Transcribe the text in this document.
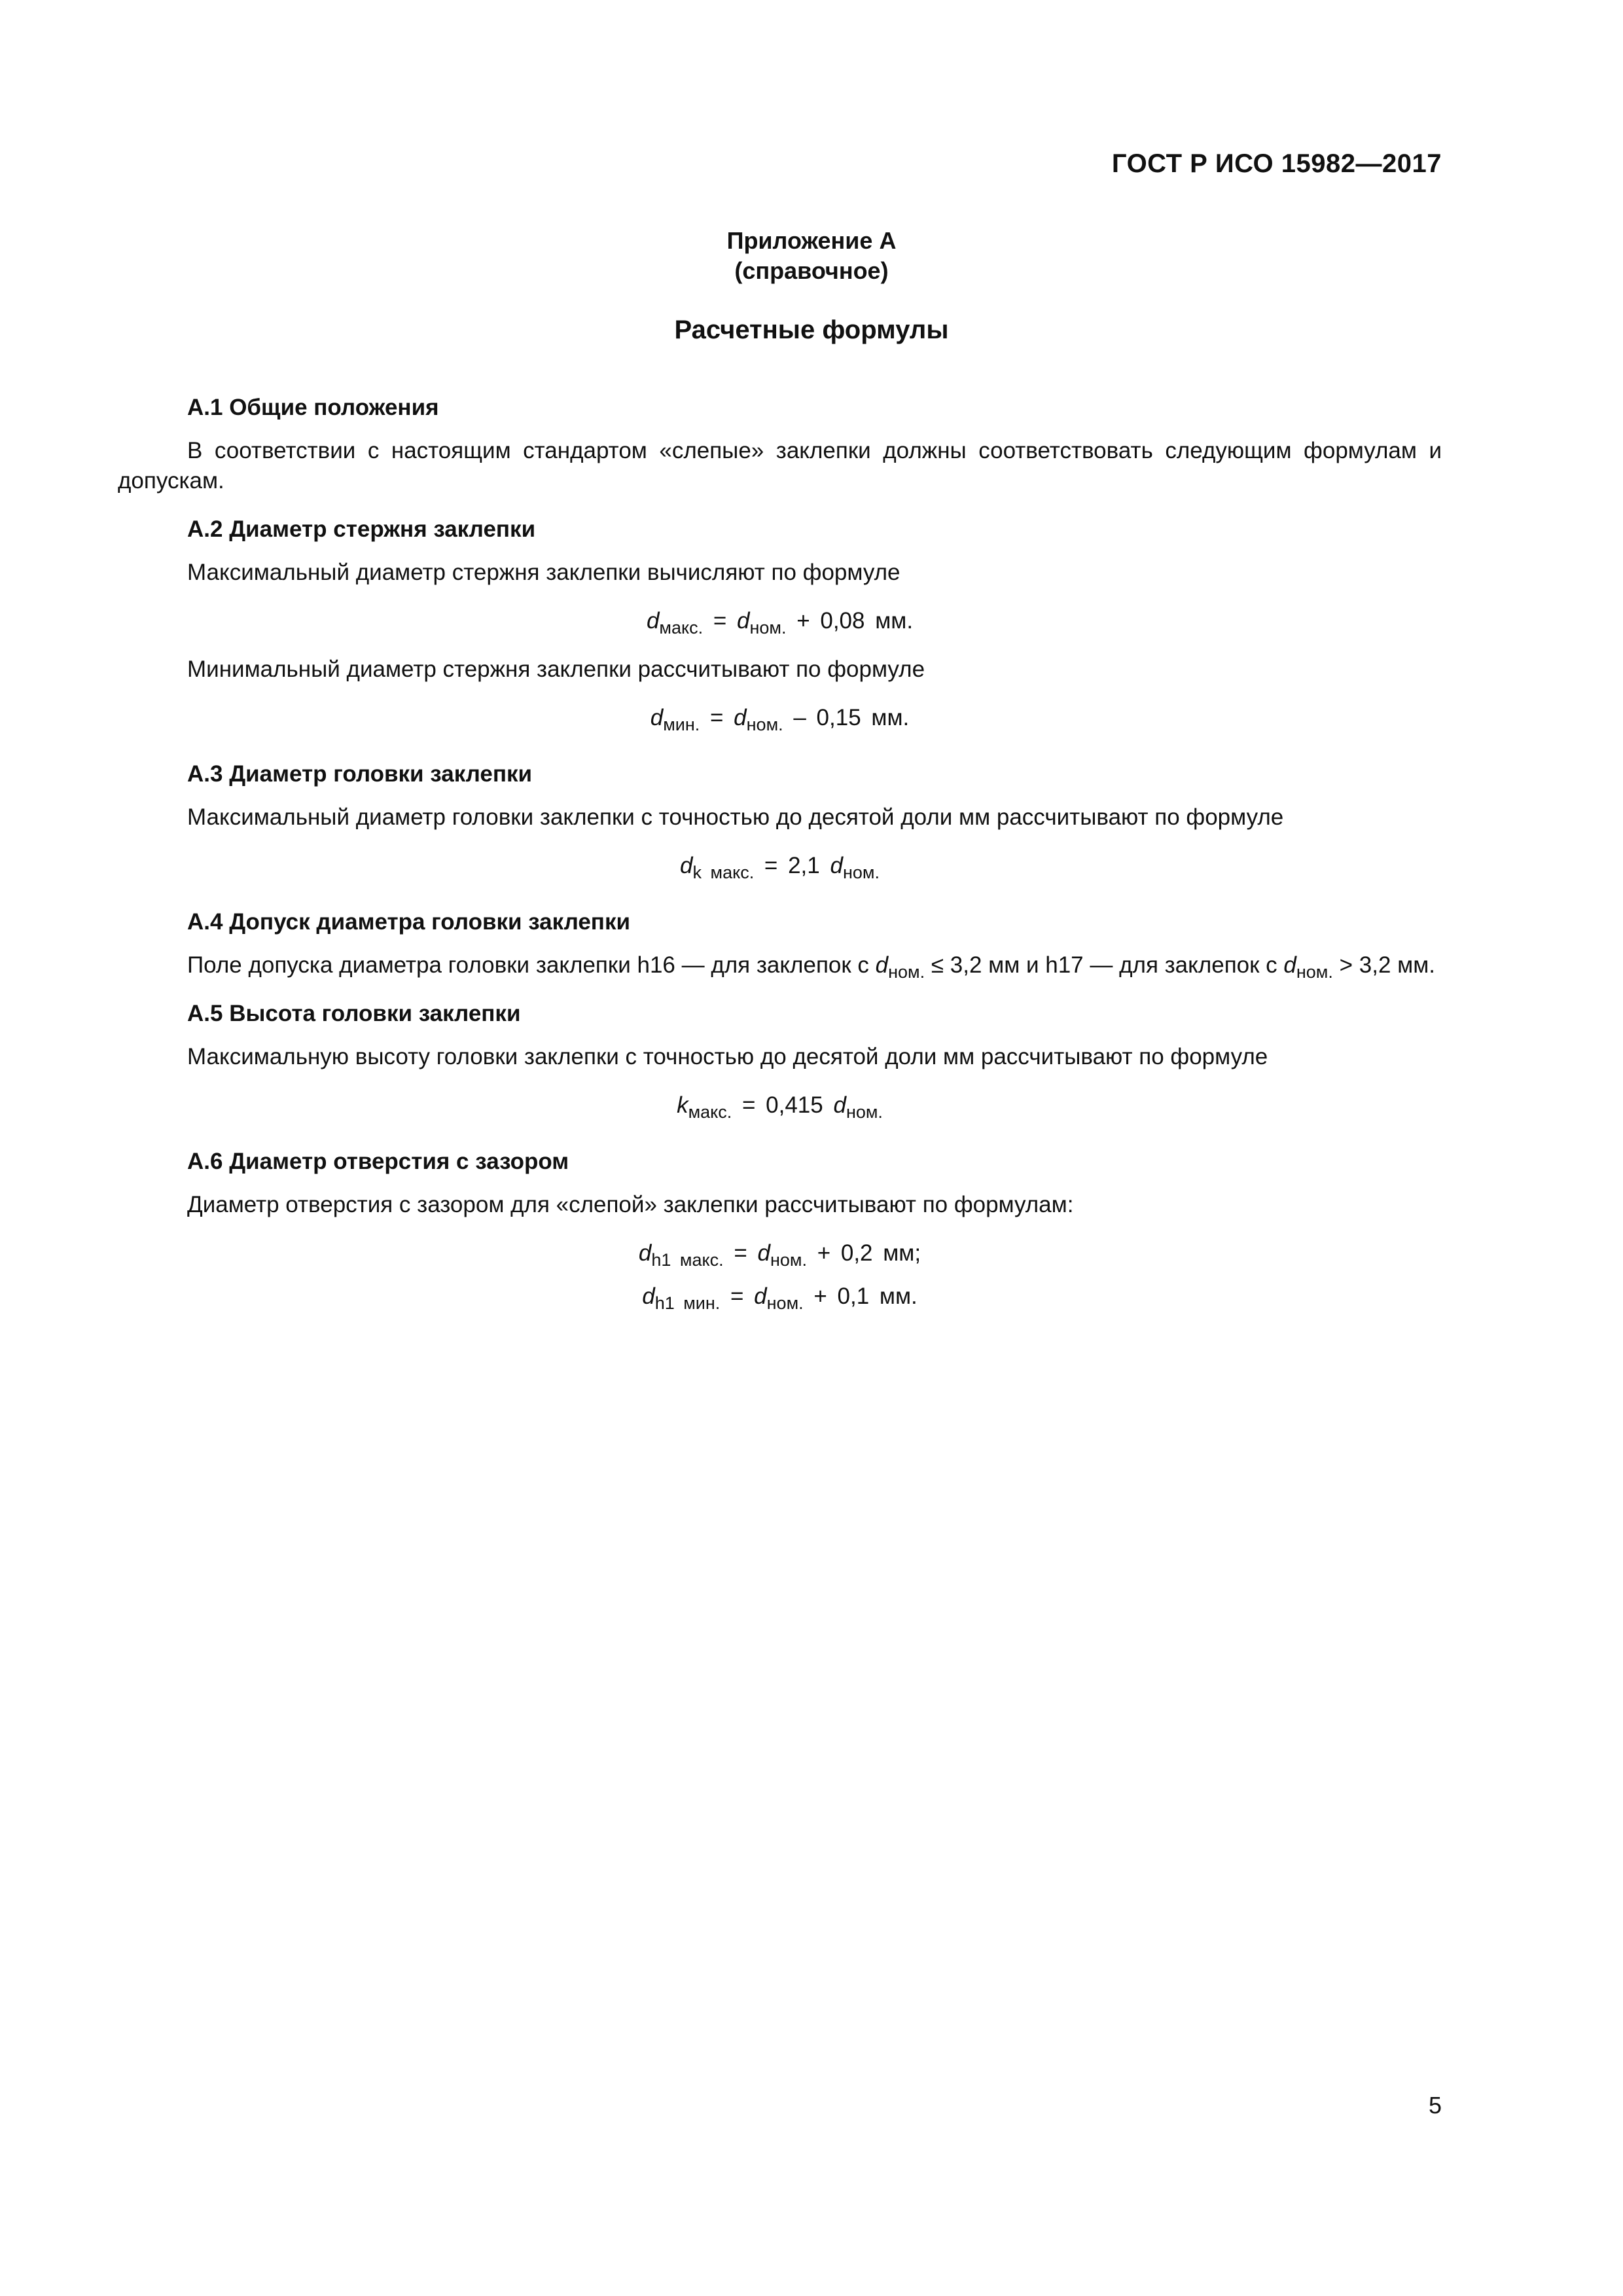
ГОСТ Р ИСО 15982—2017
Приложение А
(справочное)
Расчетные формулы

А.1 Общие положения

В соответствии с настоящим стандартом «слепые» заклепки должны соответствовать следующим формулам и допускам.

А.2 Диаметр стержня заклепки

Максимальный диаметр стержня заклепки вычисляют по формуле

$d_{макс.} = d_{ном.} + 0,08$ мм.

Минимальный диаметр стержня заклепки рассчитывают по формуле

$d_{мин.} = d_{ном.} - 0,15$ мм.

А.3 Диаметр головки заклепки

Максимальный диаметр головки заклепки с точностью до десятой доли мм рассчитывают по формуле

$d_{k макс.} = 2,1$ $d_{ном.}$

А.4 Допуск диаметра головки заклепки

Поле допуска диаметра головки заклепки h16 — для заклепок с $d_{ном.} \le 3,2$ мм и h17 — для заклепок с $d_{ном.} > 3,2$ мм.

А.5 Высота головки заклепки

Максимальную высоту головки заклепки с точностью до десятой доли мм рассчитывают по формуле

$k_{макс.} = 0,415$ $d_{ном.}$

А.6 Диаметр отверстия с зазором

Диаметр отверстия с зазором для «слепой» заклепки рассчитывают по формулам:

$d_{h1 макс.} = d_{ном.} + 0,2$ мм;

$d_{h1 мин.} = d_{ном.} + 0,1$ мм.

5
